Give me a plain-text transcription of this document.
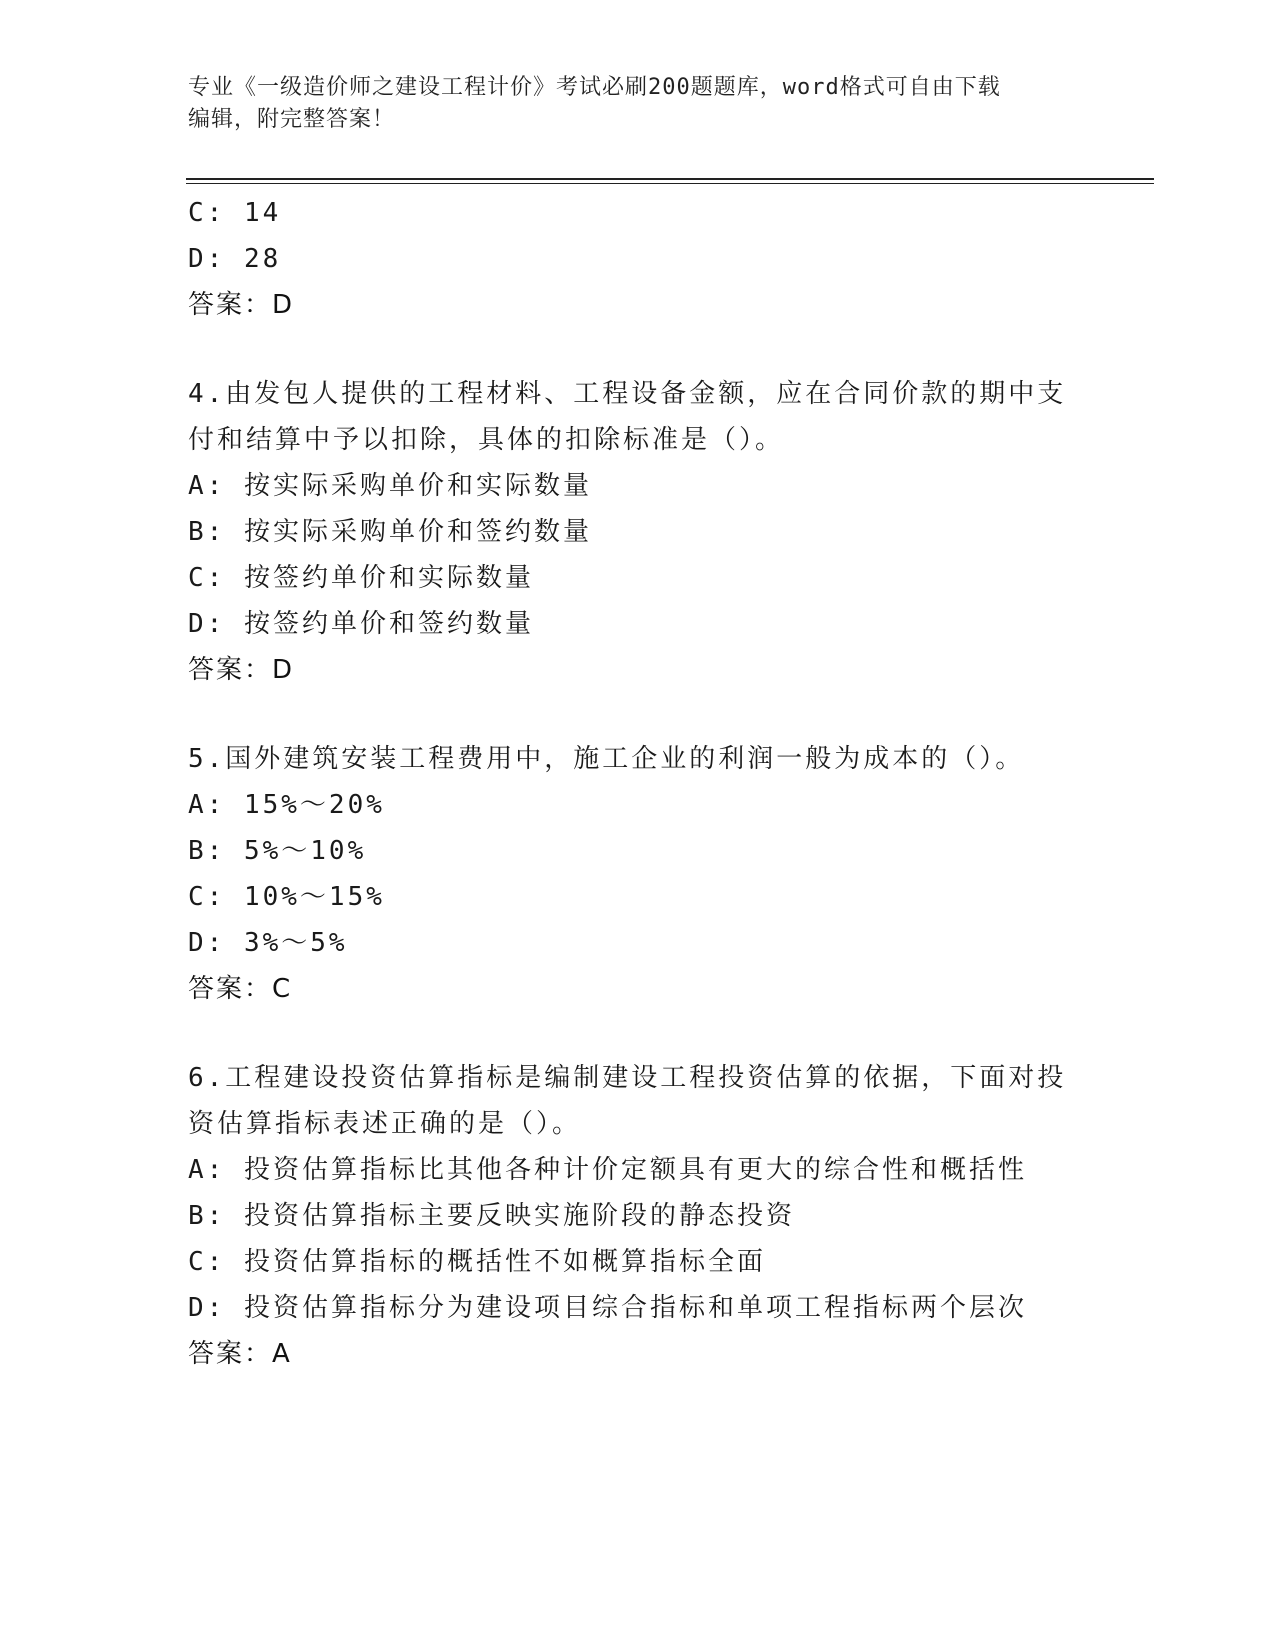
专业《一级造价师之建设工程计价》考试必刷200题题库，word格式可自由下载
编辑，附完整答案！
C: 14
D: 28
答案：D
4.由发包人提供的工程材料、工程设备金额，应在合同价款的期中支
付和结算中予以扣除，具体的扣除标准是（）。
A: 按实际采购单价和实际数量
B: 按实际采购单价和签约数量
C: 按签约单价和实际数量
D: 按签约单价和签约数量
答案：D
5.国外建筑安装工程费用中，施工企业的利润一般为成本的（）。
A: 15%～20%
B: 5%～10%
C: 10%～15%
D: 3%～5%
答案：C
6.工程建设投资估算指标是编制建设工程投资估算的依据，下面对投
资估算指标表述正确的是（）。
A: 投资估算指标比其他各种计价定额具有更大的综合性和概括性
B: 投资估算指标主要反映实施阶段的静态投资
C: 投资估算指标的概括性不如概算指标全面
D: 投资估算指标分为建设项目综合指标和单项工程指标两个层次
答案：A
